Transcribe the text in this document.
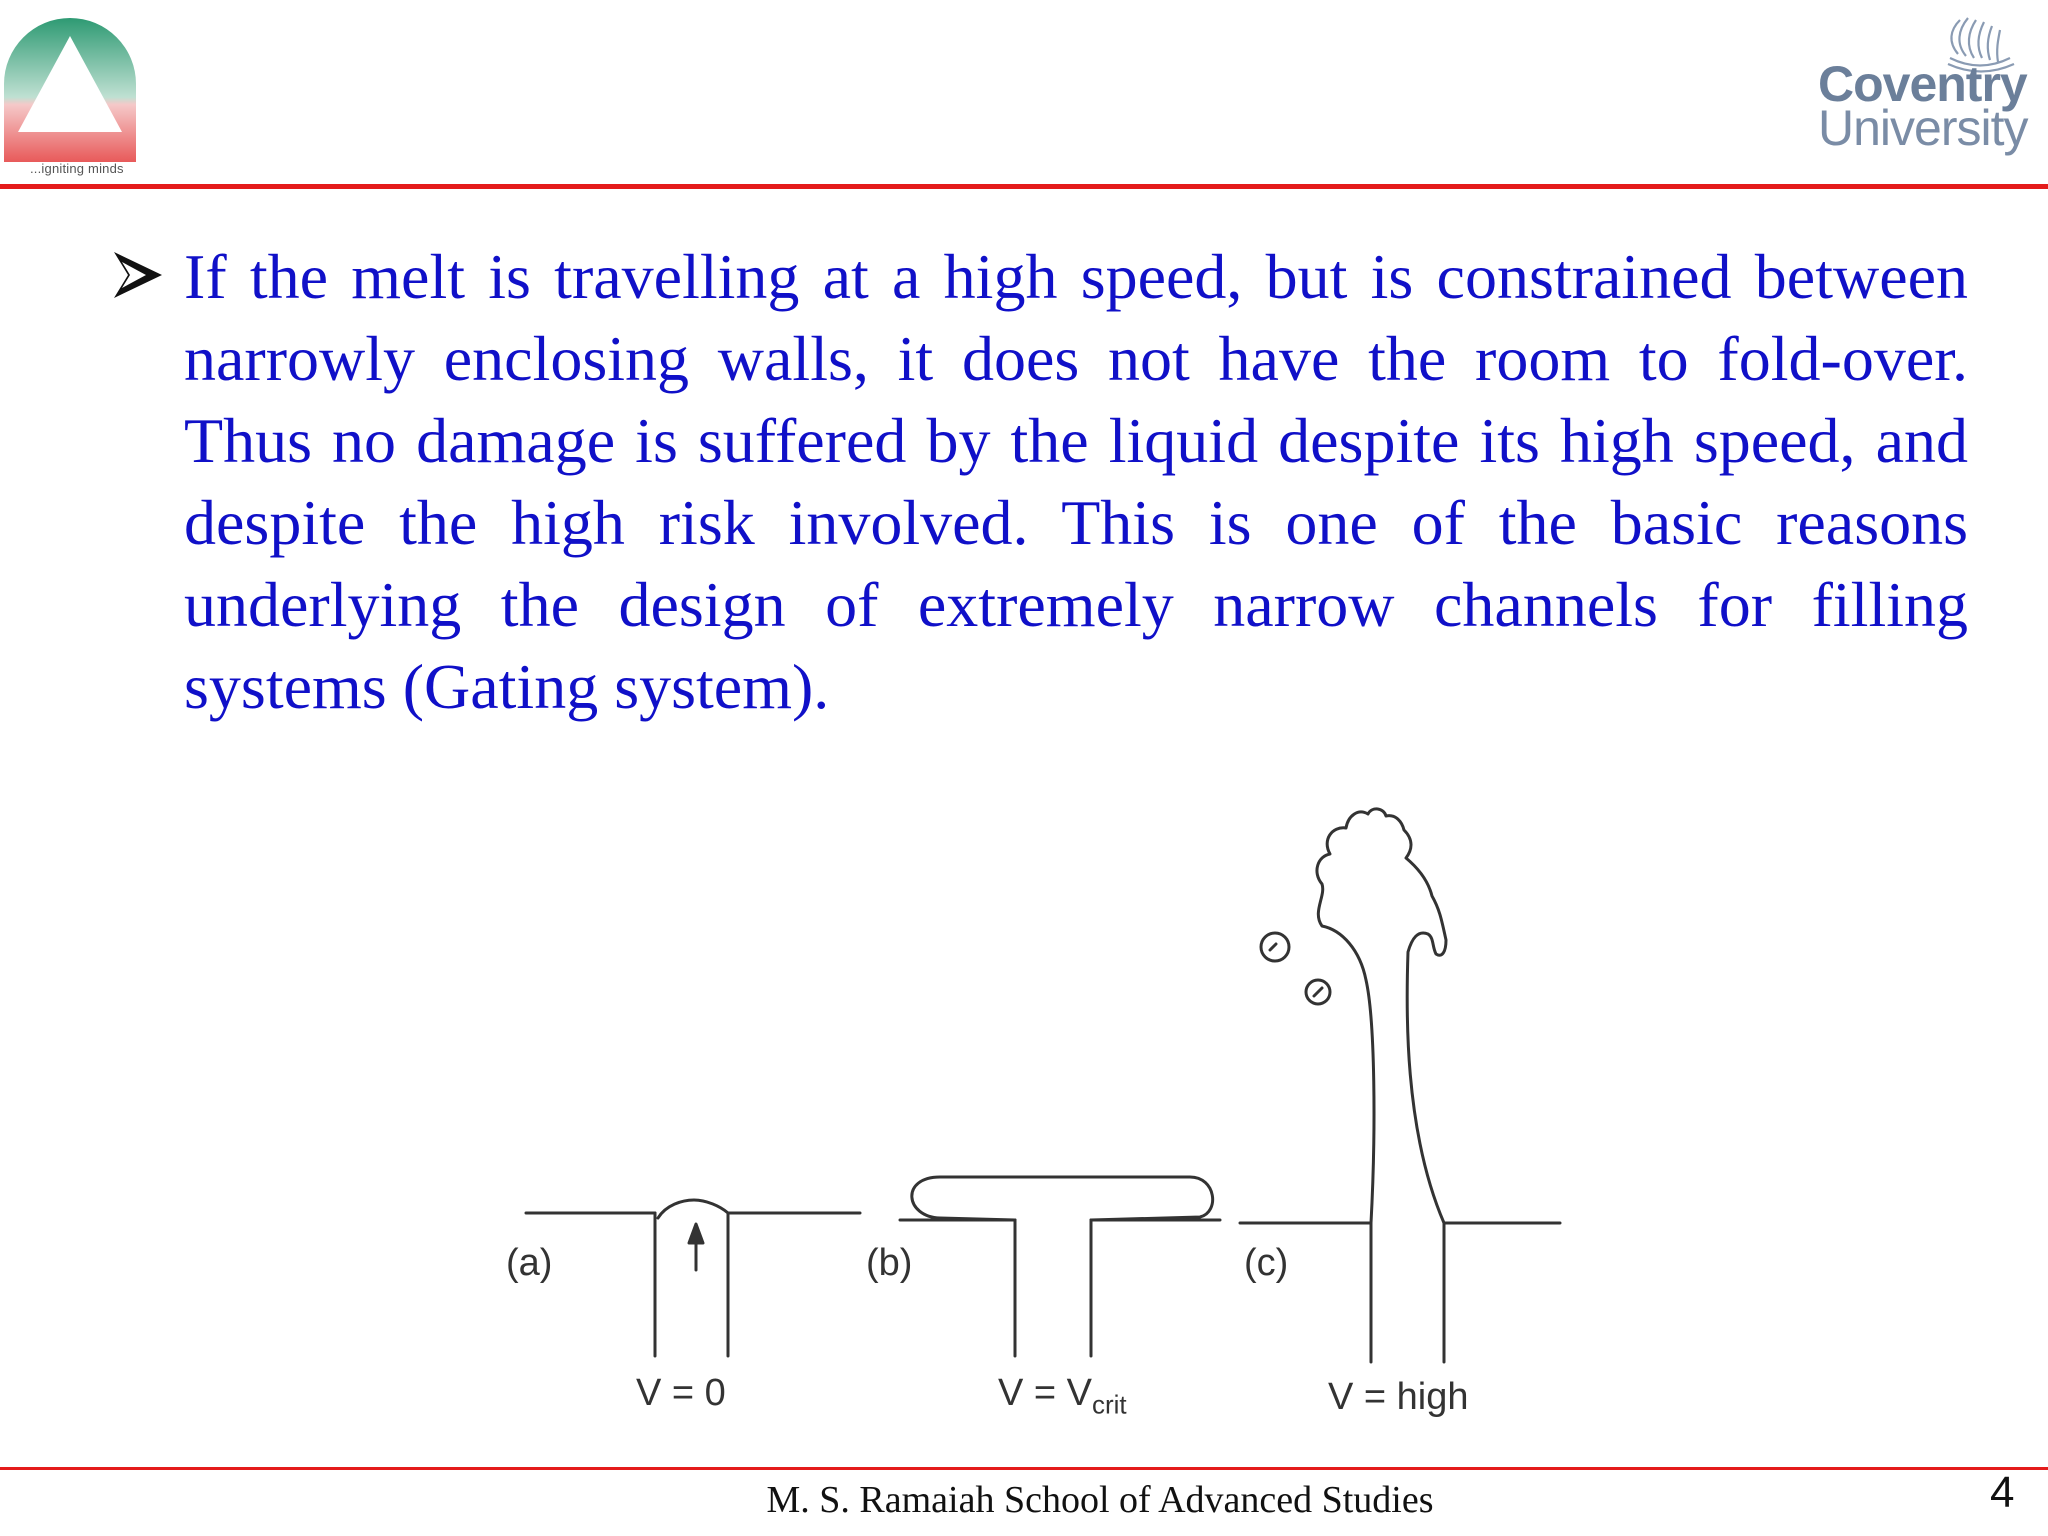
...igniting minds
Coventry
University
If the melt is travelling at a high speed, but is constrained between narrowly enclosing walls, it does not have the room to fold-over. Thus no damage is suffered by the liquid despite its high speed, and despite the high risk involved. This is one of the basic reasons underlying the design of extremely narrow channels for filling systems (Gating system).
(a)	(b)	(c)
V = 0	$V = V_{crit}$	V = high
M. S. Ramaiah School of Advanced Studies	4
